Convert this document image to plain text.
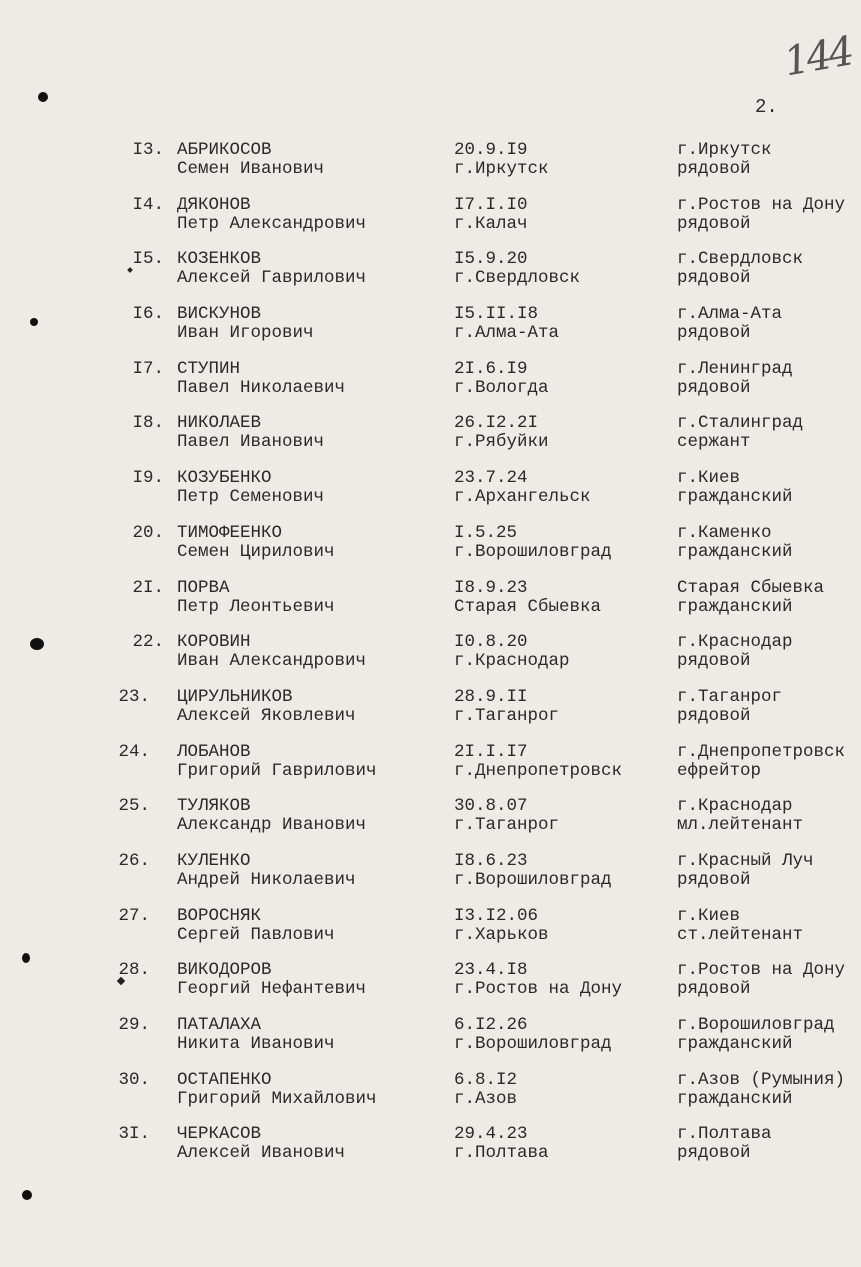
144
2.
I3. АБРИКОСОВ
Семен Иванович
20.9.I9
г.Иркутск
г.Иркутск
рядовой
I4. ДЯКОНОВ
Петр Александрович
I7.I.I0
г.Калач
г.Ростов на Дону
рядовой
I5. КОЗЕНКОВ
Алексей Гаврилович
I5.9.20
г.Свердловск
г.Свердловск
рядовой
I6. ВИСКУНОВ
Иван Игорович
I5.II.I8
г.Алма-Ата
г.Алма-Ата
рядовой
I7. СТУПИН
Павел Николаевич
2I.6.I9
г.Вологда
г.Ленинград
рядовой
I8. НИКОЛАЕВ
Павел Иванович
26.I2.2I
г.Рябуйки
г.Сталинград
сержант
I9. КОЗУБЕНКО
Петр Семенович
23.7.24
г.Архангельск
г.Киев
гражданский
20. ТИМОФЕЕНКО
Семен Цирилович
I.5.25
г.Ворошиловград
г.Каменко
гражданский
2I. ПОРВА
Петр Леонтьевич
I8.9.23
Старая Сбыевка
Старая Сбыевка
гражданский
22. КОРОВИН
Иван Александрович
I0.8.20
г.Краснодар
г.Краснодар
рядовой
23. ЦИРУЛЬНИКОВ
Алексей Яковлевич
28.9.II
г.Таганрог
г.Таганрог
рядовой
24. ЛОБАНОВ
Григорий Гаврилович
2I.I.I7
г.Днепропетровск
г.Днепропетровск
ефрейтор
25. ТУЛЯКОВ
Александр Иванович
30.8.07
г.Таганрог
г.Краснодар
мл.лейтенант
26. КУЛЕНКО
Андрей Николаевич
I8.6.23
г.Ворошиловград
г.Красный Луч
рядовой
27. ВОРОСНЯК
Сергей Павлович
I3.I2.06
г.Харьков
г.Киев
ст.лейтенант
28. ВИКОДОРОВ
Георгий Нефантевич
23.4.I8
г.Ростов на Дону
г.Ростов на Дону
рядовой
29. ПАТАЛАХА
Никита Иванович
6.I2.26
г.Ворошиловград
г.Ворошиловград
гражданский
30. ОСТАПЕНКО
Григорий Михайлович
6.8.I2
г.Азов
г.Азов (Румыния)
гражданский
3I. ЧЕРКАСОВ
Алексей Иванович
29.4.23
г.Полтава
г.Полтава
рядовой
